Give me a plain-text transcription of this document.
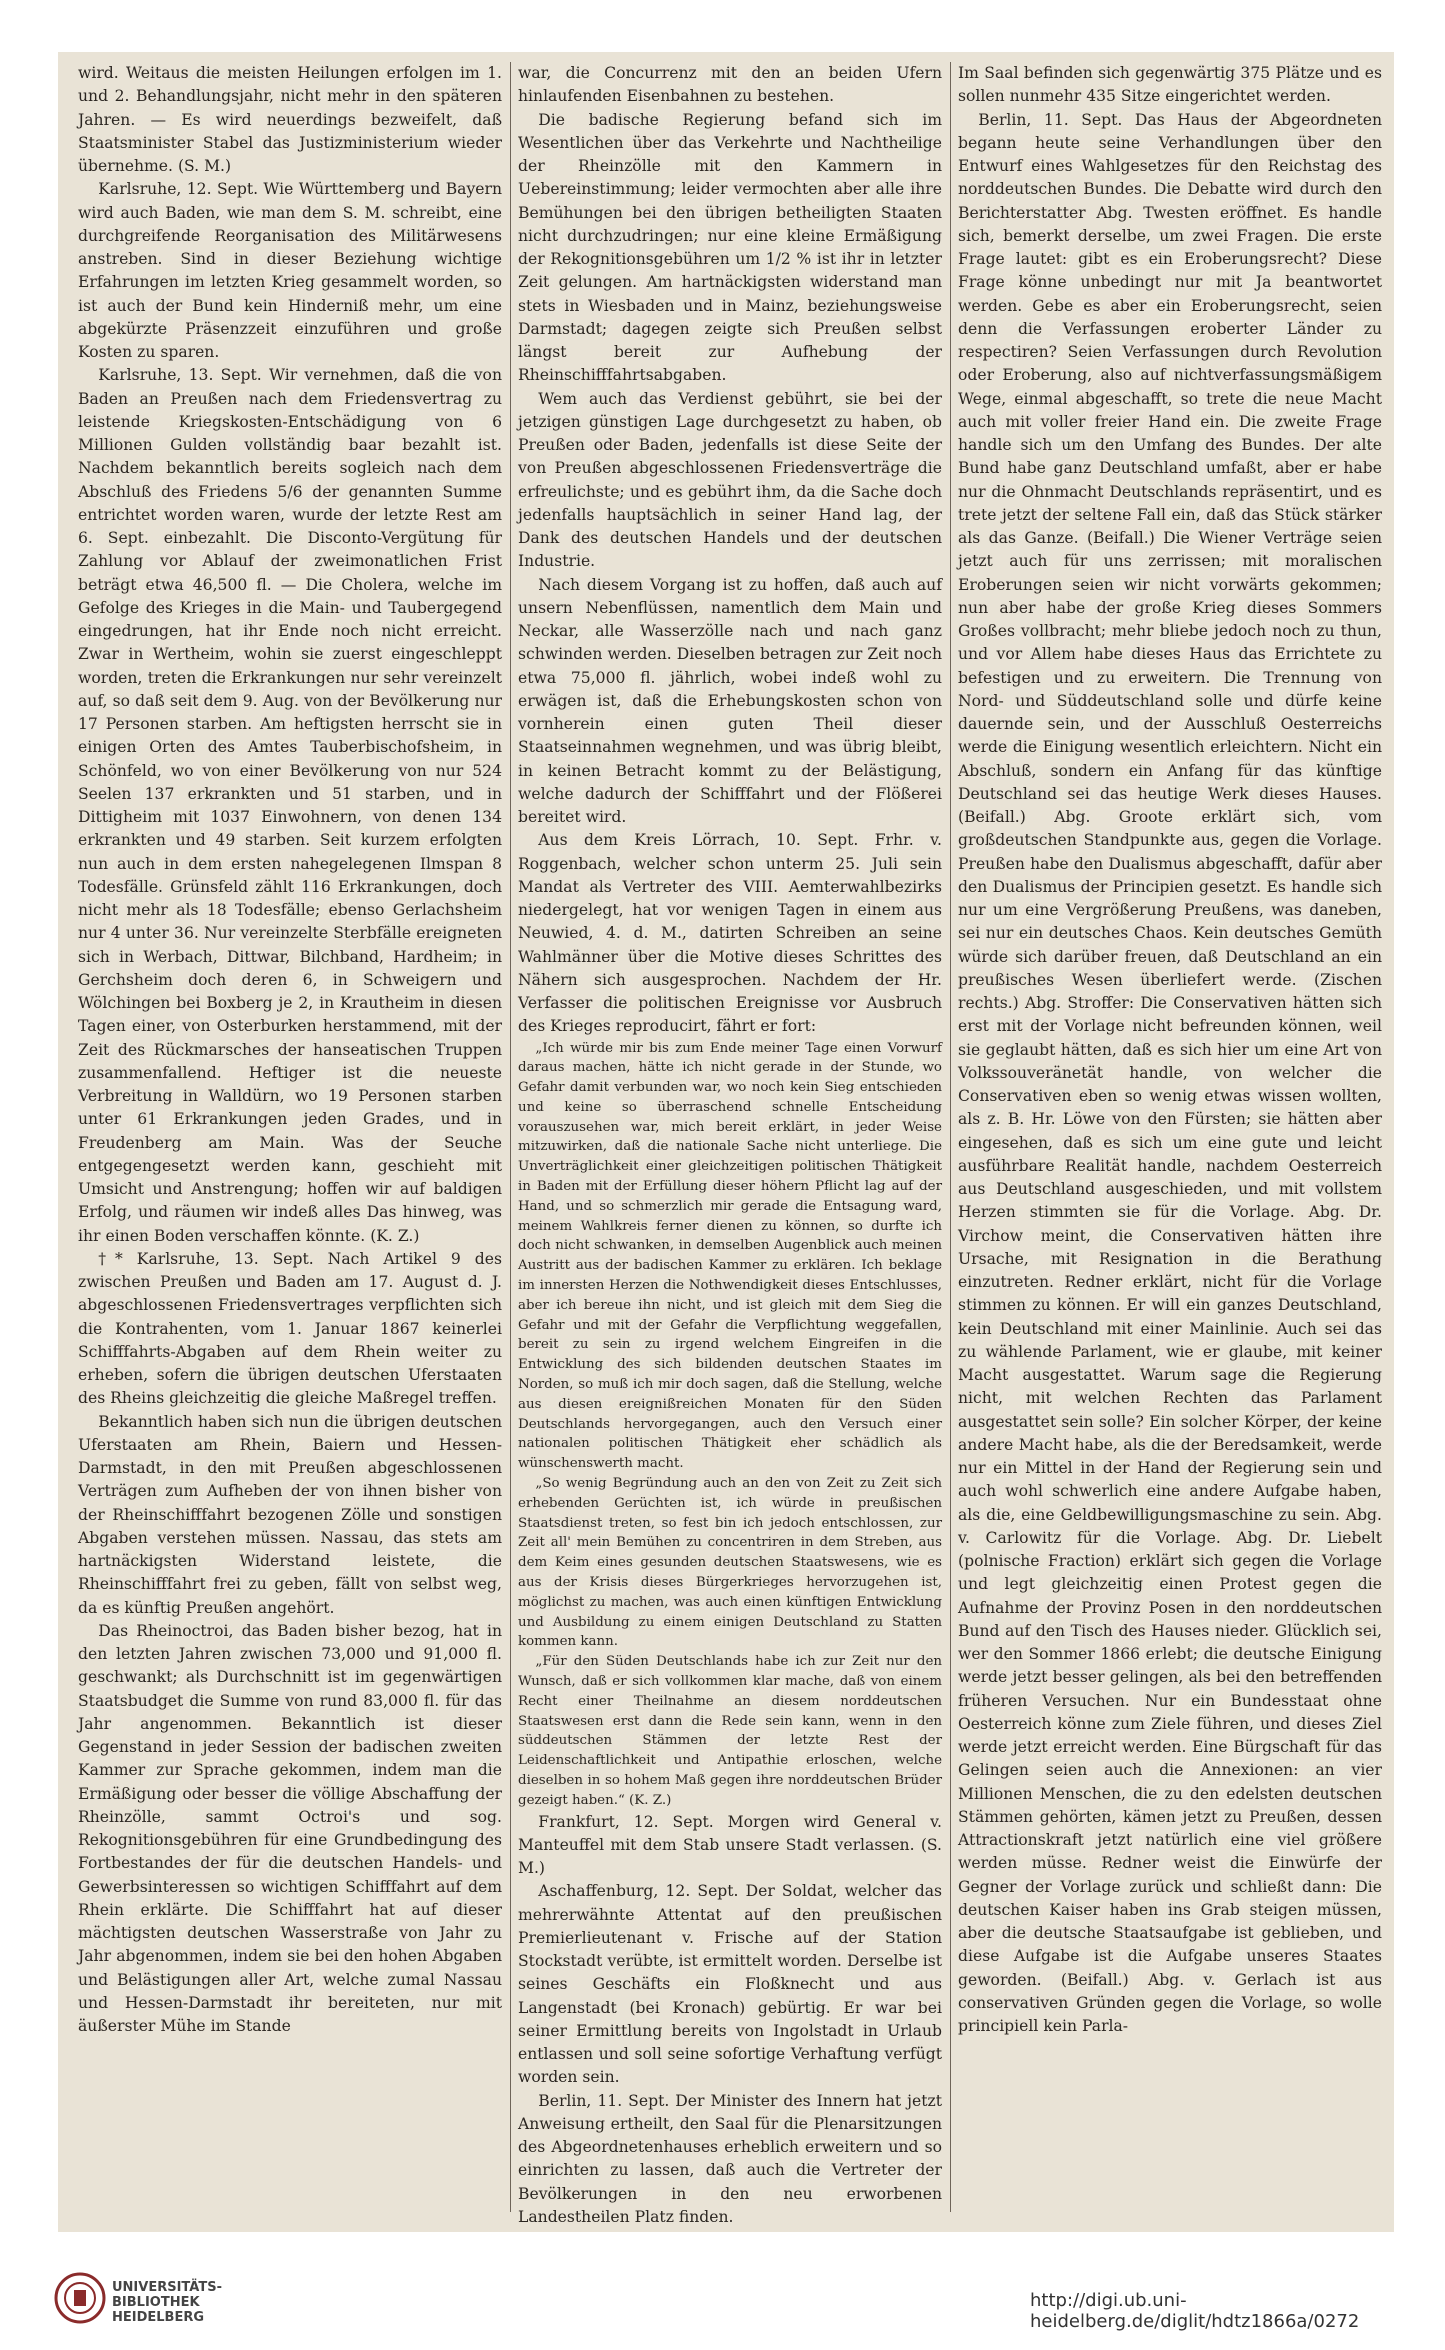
wird. Weitaus die meisten Heilungen erfolgen im 1. und 2. Behandlungsjahr, nicht mehr in den späteren Jahren. — Es wird neuerdings bezweifelt, daß Staatsminister Stabel das Justizministerium wieder übernehme. (S. M.)

Karlsruhe, 12. Sept. Wie Württemberg und Bayern wird auch Baden, wie man dem S. M. schreibt, eine durchgreifende Reorganisation des Militärwesens anstreben. Sind in dieser Beziehung wichtige Erfahrungen im letzten Krieg gesammelt worden, so ist auch der Bund kein Hinderniß mehr, um eine abgekürzte Präsenzzeit einzuführen und große Kosten zu sparen.

Karlsruhe, 13. Sept. Wir vernehmen, daß die von Baden an Preußen nach dem Friedensvertrag zu leistende Kriegskosten-Entschädigung von 6 Millionen Gulden vollständig baar bezahlt ist. Nachdem bekanntlich bereits sogleich nach dem Abschluß des Friedens 5/6 der genannten Summe entrichtet worden waren, wurde der letzte Rest am 6. Sept. einbezahlt. Die Disconto-Vergütung für Zahlung vor Ablauf der zweimonatlichen Frist beträgt etwa 46,500 fl. — Die Cholera, welche im Gefolge des Krieges in die Main- und Taubergegend eingedrungen, hat ihr Ende noch nicht erreicht. Zwar in Wertheim, wohin sie zuerst eingeschleppt worden, treten die Erkrankungen nur sehr vereinzelt auf, so daß seit dem 9. Aug. von der Bevölkerung nur 17 Personen starben. Am heftigsten herrscht sie in einigen Orten des Amtes Tauberbischofsheim, in Schönfeld, wo von einer Bevölkerung von nur 524 Seelen 137 erkrankten und 51 starben, und in Dittigheim mit 1037 Einwohnern, von denen 134 erkrankten und 49 starben. Seit kurzem erfolgten nun auch in dem ersten nahegelegenen Ilmspan 8 Todesfälle. Grünsfeld zählt 116 Erkrankungen, doch nicht mehr als 18 Todesfälle; ebenso Gerlachsheim nur 4 unter 36. Nur vereinzelte Sterbfälle ereigneten sich in Werbach, Dittwar, Bilchband, Hardheim; in Gerchsheim doch deren 6, in Schweigern und Wölchingen bei Boxberg je 2, in Krautheim in diesen Tagen einer, von Osterburken herstammend, mit der Zeit des Rückmarsches der hanseatischen Truppen zusammenfallend. Heftiger ist die neueste Verbreitung in Walldürn, wo 19 Personen starben unter 61 Erkrankungen jeden Grades, und in Freudenberg am Main. Was der Seuche entgegengesetzt werden kann, geschieht mit Umsicht und Anstrengung; hoffen wir auf baldigen Erfolg, und räumen wir indeß alles Das hinweg, was ihr einen Boden verschaffen könnte. (K. Z.)

†* Karlsruhe, 13. Sept. Nach Artikel 9 des zwischen Preußen und Baden am 17. August d. J. abgeschlossenen Friedensvertrages verpflichten sich die Kontrahenten, vom 1. Januar 1867 keinerlei Schifffahrts-Abgaben auf dem Rhein weiter zu erheben, sofern die übrigen deutschen Uferstaaten des Rheins gleichzeitig die gleiche Maßregel treffen.

Bekanntlich haben sich nun die übrigen deutschen Uferstaaten am Rhein, Baiern und Hessen-Darmstadt, in den mit Preußen abgeschlossenen Verträgen zum Aufheben der von ihnen bisher von der Rheinschifffahrt bezogenen Zölle und sonstigen Abgaben verstehen müssen. Nassau, das stets am hartnäckigsten Widerstand leistete, die Rheinschifffahrt frei zu geben, fällt von selbst weg, da es künftig Preußen angehört.

Das Rheinoctroi, das Baden bisher bezog, hat in den letzten Jahren zwischen 73,000 und 91,000 fl. geschwankt; als Durchschnitt ist im gegenwärtigen Staatsbudget die Summe von rund 83,000 fl. für das Jahr angenommen. Bekanntlich ist dieser Gegenstand in jeder Session der badischen zweiten Kammer zur Sprache gekommen, indem man die Ermäßigung oder besser die völlige Abschaffung der Rheinzölle, sammt Octroi's und sog. Rekognitionsgebühren für eine Grundbedingung des Fortbestandes der für die deutschen Handels- und Gewerbsinteressen so wichtigen Schifffahrt auf dem Rhein erklärte. Die Schifffahrt hat auf dieser mächtigsten deutschen Wasserstraße von Jahr zu Jahr abgenommen, indem sie bei den hohen Abgaben und Belästigungen aller Art, welche zumal Nassau und Hessen-Darmstadt ihr bereiteten, nur mit äußerster Mühe im Stande

war, die Concurrenz mit den an beiden Ufern hinlaufenden Eisenbahnen zu bestehen.

Die badische Regierung befand sich im Wesentlichen über das Verkehrte und Nachtheilige der Rheinzölle mit den Kammern in Uebereinstimmung; leider vermochten aber alle ihre Bemühungen bei den übrigen betheiligten Staaten nicht durchzudringen; nur eine kleine Ermäßigung der Rekognitionsgebühren um 1/2 % ist ihr in letzter Zeit gelungen. Am hartnäckigsten widerstand man stets in Wiesbaden und in Mainz, beziehungsweise Darmstadt; dagegen zeigte sich Preußen selbst längst bereit zur Aufhebung der Rheinschifffahrtsabgaben.

Wem auch das Verdienst gebührt, sie bei der jetzigen günstigen Lage durchgesetzt zu haben, ob Preußen oder Baden, jedenfalls ist diese Seite der von Preußen abgeschlossenen Friedensverträge die erfreulichste; und es gebührt ihm, da die Sache doch jedenfalls hauptsächlich in seiner Hand lag, der Dank des deutschen Handels und der deutschen Industrie.

Nach diesem Vorgang ist zu hoffen, daß auch auf unsern Nebenflüssen, namentlich dem Main und Neckar, alle Wasserzölle nach und nach ganz schwinden werden. Dieselben betragen zur Zeit noch etwa 75,000 fl. jährlich, wobei indeß wohl zu erwägen ist, daß die Erhebungskosten schon von vornherein einen guten Theil dieser Staatseinnahmen wegnehmen, und was übrig bleibt, in keinen Betracht kommt zu der Belästigung, welche dadurch der Schifffahrt und der Flößerei bereitet wird.

Aus dem Kreis Lörrach, 10. Sept. Frhr. v. Roggenbach, welcher schon unterm 25. Juli sein Mandat als Vertreter des VIII. Aemterwahlbezirks niedergelegt, hat vor wenigen Tagen in einem aus Neuwied, 4. d. M., datirten Schreiben an seine Wahlmänner über die Motive dieses Schrittes des Nähern sich ausgesprochen. Nachdem der Hr. Verfasser die politischen Ereignisse vor Ausbruch des Krieges reproducirt, fährt er fort:

„Ich würde mir bis zum Ende meiner Tage einen Vorwurf daraus machen, hätte ich nicht gerade in der Stunde, wo Gefahr damit verbunden war, wo noch kein Sieg entschieden und keine so überraschend schnelle Entscheidung vorauszusehen war, mich bereit erklärt, in jeder Weise mitzuwirken, daß die nationale Sache nicht unterliege. Die Unverträglichkeit einer gleichzeitigen politischen Thätigkeit in Baden mit der Erfüllung dieser höhern Pflicht lag auf der Hand, und so schmerzlich mir gerade die Entsagung ward, meinem Wahlkreis ferner dienen zu können, so durfte ich doch nicht schwanken, in demselben Augenblick auch meinen Austritt aus der badischen Kammer zu erklären. Ich beklage im innersten Herzen die Nothwendigkeit dieses Entschlusses, aber ich bereue ihn nicht, und ist gleich mit dem Sieg die Gefahr und mit der Gefahr die Verpflichtung weggefallen, bereit zu sein zu irgend welchem Eingreifen in die Entwicklung des sich bildenden deutschen Staates im Norden, so muß ich mir doch sagen, daß die Stellung, welche aus diesen ereignißreichen Monaten für den Süden Deutschlands hervorgegangen, auch den Versuch einer nationalen politischen Thätigkeit eher schädlich als wünschenswerth macht.

„So wenig Begründung auch an den von Zeit zu Zeit sich erhebenden Gerüchten ist, ich würde in preußischen Staatsdienst treten, so fest bin ich jedoch entschlossen, zur Zeit all' mein Bemühen zu concentriren in dem Streben, aus dem Keim eines gesunden deutschen Staatswesens, wie es aus der Krisis dieses Bürgerkrieges hervorzugehen ist, möglichst zu machen, was auch einen künftigen Entwicklung und Ausbildung zu einem einigen Deutschland zu Statten kommen kann.

„Für den Süden Deutschlands habe ich zur Zeit nur den Wunsch, daß er sich vollkommen klar mache, daß von einem Recht einer Theilnahme an diesem norddeutschen Staatswesen erst dann die Rede sein kann, wenn in den süddeutschen Stämmen der letzte Rest der Leidenschaftlichkeit und Antipathie erloschen, welche dieselben in so hohem Maß gegen ihre norddeutschen Brüder gezeigt haben.“ (K. Z.)

Frankfurt, 12. Sept. Morgen wird General v. Manteuffel mit dem Stab unsere Stadt verlassen. (S. M.)

Aschaffenburg, 12. Sept. Der Soldat, welcher das mehrerwähnte Attentat auf den preußischen Premierlieutenant v. Frische auf der Station Stockstadt verübte, ist ermittelt worden. Derselbe ist seines Geschäfts ein Floßknecht und aus Langenstadt (bei Kronach) gebürtig. Er war bei seiner Ermittlung bereits von Ingolstadt in Urlaub entlassen und soll seine sofortige Verhaftung verfügt worden sein.

Berlin, 11. Sept. Der Minister des Innern hat jetzt Anweisung ertheilt, den Saal für die Plenarsitzungen des Abgeordnetenhauses erheblich erweitern und so einrichten zu lassen, daß auch die Vertreter der Bevölkerungen in den neu erworbenen Landestheilen Platz finden.

Im Saal befinden sich gegenwärtig 375 Plätze und es sollen nunmehr 435 Sitze eingerichtet werden.

Berlin, 11. Sept. Das Haus der Abgeordneten begann heute seine Verhandlungen über den Entwurf eines Wahlgesetzes für den Reichstag des norddeutschen Bundes. Die Debatte wird durch den Berichterstatter Abg. Twesten eröffnet. Es handle sich, bemerkt derselbe, um zwei Fragen. Die erste Frage lautet: gibt es ein Eroberungsrecht? Diese Frage könne unbedingt nur mit Ja beantwortet werden. Gebe es aber ein Eroberungsrecht, seien denn die Verfassungen eroberter Länder zu respectiren? Seien Verfassungen durch Revolution oder Eroberung, also auf nichtverfassungsmäßigem Wege, einmal abgeschafft, so trete die neue Macht auch mit voller freier Hand ein. Die zweite Frage handle sich um den Umfang des Bundes. Der alte Bund habe ganz Deutschland umfaßt, aber er habe nur die Ohnmacht Deutschlands repräsentirt, und es trete jetzt der seltene Fall ein, daß das Stück stärker als das Ganze. (Beifall.) Die Wiener Verträge seien jetzt auch für uns zerrissen; mit moralischen Eroberungen seien wir nicht vorwärts gekommen; nun aber habe der große Krieg dieses Sommers Großes vollbracht; mehr bliebe jedoch noch zu thun, und vor Allem habe dieses Haus das Errichtete zu befestigen und zu erweitern. Die Trennung von Nord- und Süddeutschland solle und dürfe keine dauernde sein, und der Ausschluß Oesterreichs werde die Einigung wesentlich erleichtern. Nicht ein Abschluß, sondern ein Anfang für das künftige Deutschland sei das heutige Werk dieses Hauses. (Beifall.) Abg. Groote erklärt sich, vom großdeutschen Standpunkte aus, gegen die Vorlage. Preußen habe den Dualismus abgeschafft, dafür aber den Dualismus der Principien gesetzt. Es handle sich nur um eine Vergrößerung Preußens, was daneben, sei nur ein deutsches Chaos. Kein deutsches Gemüth würde sich darüber freuen, daß Deutschland an ein preußisches Wesen überliefert werde. (Zischen rechts.) Abg. Stroffer: Die Conservativen hätten sich erst mit der Vorlage nicht befreunden können, weil sie geglaubt hätten, daß es sich hier um eine Art von Volkssouveränetät handle, von welcher die Conservativen eben so wenig etwas wissen wollten, als z. B. Hr. Löwe von den Fürsten; sie hätten aber eingesehen, daß es sich um eine gute und leicht ausführbare Realität handle, nachdem Oesterreich aus Deutschland ausgeschieden, und mit vollstem Herzen stimmten sie für die Vorlage. Abg. Dr. Virchow meint, die Conservativen hätten ihre Ursache, mit Resignation in die Berathung einzutreten. Redner erklärt, nicht für die Vorlage stimmen zu können. Er will ein ganzes Deutschland, kein Deutschland mit einer Mainlinie. Auch sei das zu wählende Parlament, wie er glaube, mit keiner Macht ausgestattet. Warum sage die Regierung nicht, mit welchen Rechten das Parlament ausgestattet sein solle? Ein solcher Körper, der keine andere Macht habe, als die der Beredsamkeit, werde nur ein Mittel in der Hand der Regierung sein und auch wohl schwerlich eine andere Aufgabe haben, als die, eine Geldbewilligungsmaschine zu sein. Abg. v. Carlowitz für die Vorlage. Abg. Dr. Liebelt (polnische Fraction) erklärt sich gegen die Vorlage und legt gleichzeitig einen Protest gegen die Aufnahme der Provinz Posen in den norddeutschen Bund auf den Tisch des Hauses nieder. Glücklich sei, wer den Sommer 1866 erlebt; die deutsche Einigung werde jetzt besser gelingen, als bei den betreffenden früheren Versuchen. Nur ein Bundesstaat ohne Oesterreich könne zum Ziele führen, und dieses Ziel werde jetzt erreicht werden. Eine Bürgschaft für das Gelingen seien auch die Annexionen: an vier Millionen Menschen, die zu den edelsten deutschen Stämmen gehörten, kämen jetzt zu Preußen, dessen Attractionskraft jetzt natürlich eine viel größere werden müsse. Redner weist die Einwürfe der Gegner der Vorlage zurück und schließt dann: Die deutschen Kaiser haben ins Grab steigen müssen, aber die deutsche Staatsaufgabe ist geblieben, und diese Aufgabe ist die Aufgabe unseres Staates geworden. (Beifall.) Abg. v. Gerlach ist aus conservativen Gründen gegen die Vorlage, so wolle principiell kein Parla-

UNIVERSITÄTS-
BIBLIOTHEK
HEIDELBERG
http://digi.ub.uni-heidelberg.de/diglit/hdtz1866a/0272
